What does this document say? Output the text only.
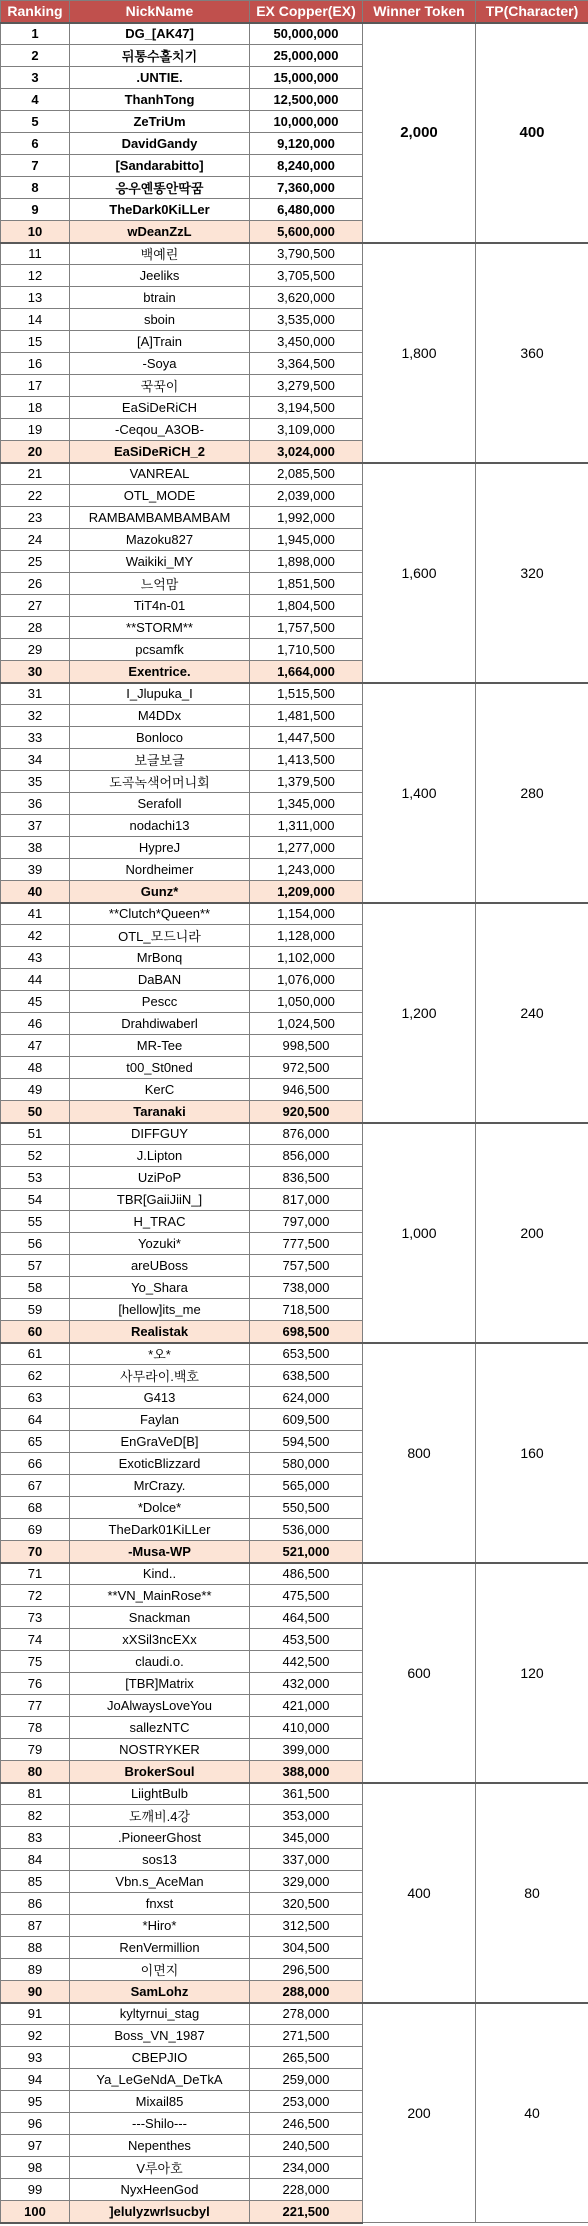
Ranking	NickName	EX Copper(EX)	Winner Token	TP(Character)
1	DG_[AK47]	50,000,000	2,000	400
2	뒤통수홀치기	25,000,000		
3	.UNTIE.	15,000,000		
4	ThanhTong	12,500,000		
5	ZeTriUm	10,000,000		
6	DavidGandy	9,120,000		
7	[Sandarabitto]	8,240,000		
8	응우옌똥안딱꿈	7,360,000		
9	TheDark0KiLLer	6,480,000		
10	wDeanZzL	5,600,000		
11	백예린	3,790,500	1,800	360
12	Jeeliks	3,705,500		
13	btrain	3,620,000		
14	sboin	3,535,000		
15	[A]Train	3,450,000		
16	-Soya	3,364,500		
17	꾹꾹이	3,279,500		
18	EaSiDeRiCH	3,194,500		
19	-Ceqou_A3OB-	3,109,000		
20	EaSiDeRiCH_2	3,024,000		
21	VANREAL	2,085,500	1,600	320
22	OTL_MODE	2,039,000		
23	RAMBAMBAMBAMBAM	1,992,000		
24	Mazoku827	1,945,000		
25	Waikiki_MY	1,898,000		
26	느억맘	1,851,500		
27	TiT4n-01	1,804,500		
28	**STORM**	1,757,500		
29	pcsamfk	1,710,500		
30	Exentrice.	1,664,000		
31	I_Jlupuka_I	1,515,500	1,400	280
32	M4DDx	1,481,500		
33	Bonloco	1,447,500		
34	보글보글	1,413,500		
35	도곡녹색어머니회	1,379,500		
36	Serafoll	1,345,000		
37	nodachi13	1,311,000		
38	HypreJ	1,277,000		
39	Nordheimer	1,243,000		
40	Gunz*	1,209,000		
41	**Clutch*Queen**	1,154,000	1,200	240
42	OTL_모드니라	1,128,000		
43	MrBonq	1,102,000		
44	DaBAN	1,076,000		
45	Pescc	1,050,000		
46	Drahdiwaberl	1,024,500		
47	MR-Tee	998,500		
48	t00_St0ned	972,500		
49	KerC	946,500		
50	Taranaki	920,500		
51	DIFFGUY	876,000	1,000	200
52	J.Lipton	856,000		
53	UziPoP	836,500		
54	TBR[GaiiJiiN_]	817,000		
55	H_TRAC	797,000		
56	Yozuki*	777,500		
57	areUBoss	757,500		
58	Yo_Shara	738,000		
59	[hellow]its_me	718,500		
60	Realistak	698,500		
61	*오*	653,500	800	160
62	사무라이.백호	638,500		
63	G413	624,000		
64	Faylan	609,500		
65	EnGraVeD[B]	594,500		
66	ExoticBlizzard	580,000		
67	MrCrazy.	565,000		
68	*Dolce*	550,500		
69	TheDark01KiLLer	536,000		
70	-Musa-WP	521,000		
71	Kind..	486,500	600	120
72	**VN_MainRose**	475,500		
73	Snackman	464,500		
74	xXSil3ncEXx	453,500		
75	claudi.o.	442,500		
76	[TBR]Matrix	432,000		
77	JoAlwaysLoveYou	421,000		
78	sallezNTC	410,000		
79	NOSTRYKER	399,000		
80	BrokerSoul	388,000		
81	LiightBulb	361,500	400	80
82	도깨비.4강	353,000		
83	.PioneerGhost	345,000		
84	sos13	337,000		
85	Vbn.s_AceMan	329,000		
86	fnxst	320,500		
87	*Hiro*	312,500		
88	RenVermillion	304,500		
89	이면지	296,500		
90	SamLohz	288,000		
91	kyltyrnui_stag	278,000	200	40
92	Boss_VN_1987	271,500		
93	CBEPJIO	265,500		
94	Ya_LeGeNdA_DeTkA	259,000		
95	Mixail85	253,000		
96	---Shilo---	246,500		
97	Nepenthes	240,500		
98	V루아호	234,000		
99	NyxHeenGod	228,000		
100	]elulyzwrlsucbyl	221,500		
